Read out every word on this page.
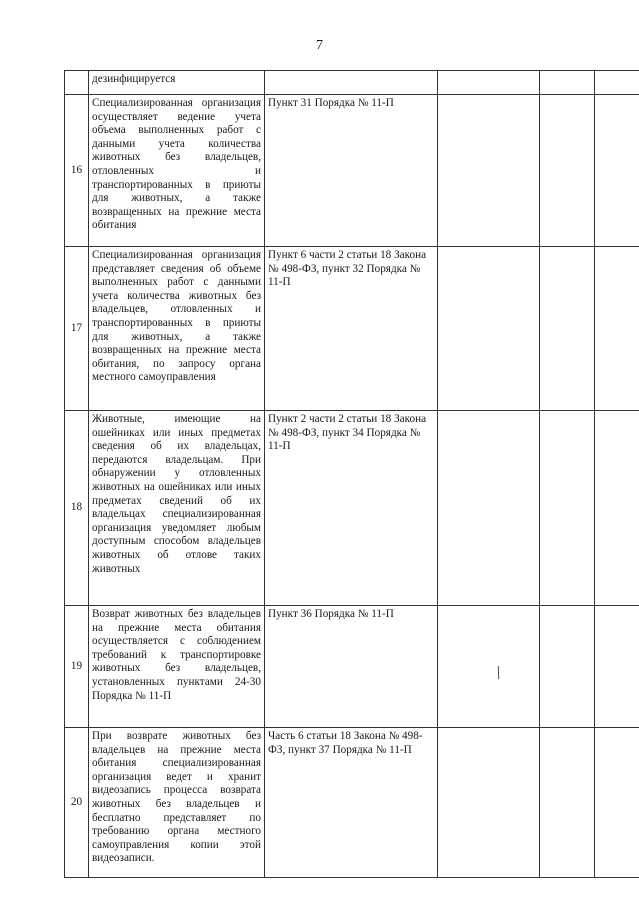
7
	дезинфицируется				
16	Специализированная организация осуществляет ведение учета объема выполненных работ с данными учета количества животных без владельцев, отловленных и транспортированных в приюты для животных, а также возвращенных на прежние места обитания	Пункт 31 Порядка № 11-П			
17	Специализированная организация представляет сведения об объеме выполненных работ с данными учета количества животных без владельцев, отловленных и транспортированных в приюты для животных, а также возвращенных на прежние места обитания, по запросу органа местного самоуправления	Пункт 6 части 2 статьи 18 Закона № 498-ФЗ, пункт 32 Порядка № 11-П			
18	Животные, имеющие на ошейниках или иных предметах сведения об их владельцах, передаются владельцам. При обнаружении у отловленных животных на ошейниках или иных предметах сведений об их владельцах специализированная организация уведомляет любым доступным способом владельцев животных об отлове таких животных	Пункт 2 части 2 статьи 18 Закона № 498-ФЗ, пункт 34 Порядка № 11-П			
19	Возврат животных без владельцев на прежние места обитания осуществляется с соблюдением требований к транспортировке животных без владельцев, установленных пунктами 24-30 Порядка № 11-П	Пункт 36 Порядка № 11-П			
20	При возврате животных без владельцев на прежние места обитания специализированная организация ведет и хранит видеозапись процесса возврата животных без владельцев и бесплатно представляет по требованию органа местного самоуправления копии этой видеозаписи.	Часть 6 статьи 18 Закона № 498-ФЗ, пункт 37 Порядка № 11-П			
╱
